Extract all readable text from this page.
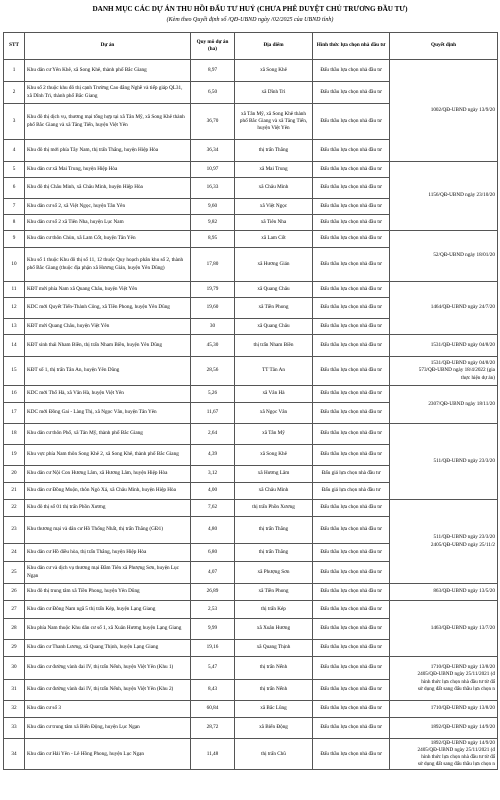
DANH MỤC CÁC DỰ ÁN THU HỒI ĐẤU TƯ HUỶ (CHƯA PHÊ DUYỆT CHỦ TRƯƠNG ĐẦU TƯ)
(Kèm theo Quyết định số /QĐ-UBND ngày /02/2025 của UBND tỉnh)
STT	Dự án	Quy mô dự án (ha)	Địa điểm	Hình thức lựa chọn nhà đầu tư	Quyết định
1	Khu dân cư Yên Khê, xã Song Khê, thành phố Bắc Giang	8,97	xã Song Khê	Đấu thầu lựa chọn nhà đầu tư	1002/QĐ-UBND ngày 13/9/20
2	Khu số 2 thuộc khu đô thị cạnh Trường Cao đẳng Nghề và tiếp giáp QL31, xã Dĩnh Trì, thành phố Bắc Giang	6,50	xã Dĩnh Trì	Đấu thầu lựa chọn nhà đầu tư	
3	Khu đô thị dịch vụ, thương mại tổng hợp tại xã Tân Mỹ, xã Song Khê thành phố Bắc Giang và xã Tăng Tiến, huyện Việt Yên	36,70	xã Tân Mỹ, xã Song Khê thành phố Bắc Giang và xã Tăng Tiến, huyện Việt Yên	Đấu thầu lựa chọn nhà đầu tư	
4	Khu đô thị mới phía Tây Nam, thị trấn Thắng, huyện Hiệp Hòa	36,34	thị trấn Thắng	Đấu thầu lựa chọn nhà đầu tư	
5	Khu dân cư xã Mai Trung, huyện Hiệp Hòa	10,97	xã Mai Trung	Đấu thầu lựa chọn nhà đầu tư	1156/QĐ-UBND ngày 23/10/20
6	Khu đô thị Châu Minh, xã Châu Minh, huyện Hiệp Hòa	16,33	xã Châu Minh	Đấu thầu lựa chọn nhà đầu tư	
7	Khu dân cư số 2, xã Việt Ngọc, huyện Tân Yên	9,60	xã Việt Ngọc	Đấu thầu lựa chọn nhà đầu tư	
8	Khu dân cư số 2 xã Tiên Nha, huyện Lục Nam	9,82	xã Tiên Nha	Đấu thầu lựa chọn nhà đầu tư	
9	Khu dân cư thôn Chùn, xã Lam Cốt, huyện Tân Yên	8,95	xã Lam Cốt	Đấu thầu lựa chọn nhà đầu tư	52/QĐ-UBND ngày 18/01/20
10	Khu số 1 thuộc Khu đô thị số 11, 12 thuộc Quy hoạch phân khu số 2, thành phố Bắc Giang (thuộc địa phận xã Hương Gián, huyện Yên Dũng)	17,80	xã Hương Gián	Đấu thầu lựa chọn nhà đầu tư	
11	KĐT mới phía Nam xã Quang Châu, huyện Việt Yên	19,79	xã Quang Châu	Đấu thầu lựa chọn nhà đầu tư	1464/QĐ-UBND ngày 24/7/20
12	KDC mới Quyết Tiến-Thành Công, xã Tiền Phong, huyện Yên Dũng	19,60	xã Tiền Phong	Đấu thầu lựa chọn nhà đầu tư	
13	KĐT mới Quang Châu, huyện Việt Yên	30	xã Quang Châu	Đấu thầu lựa chọn nhà đầu tư	
14	KĐT sinh thái Nham Biền, thị trấn Nham Biền, huyện Yên Dũng	45,30	thị trấn Nham Biền	Đấu thầu lựa chọn nhà đầu tư	1531/QĐ-UBND ngày 04/8/20
15	KĐT số 1, thị trấn Tân An, huyện Yên Dũng	28,56	TT Tân An	Đấu thầu lựa chọn nhà đầu tư	1531/QĐ-UBND ngày 04/8/20
573/QĐ-UBND ngày 18/4/2022 (gia
thực hiện dự án)
16	KDC mới Thổ Hà, xã Vân Hà, huyện Việt Yên	5,26	xã Vân Hà	Đấu thầu lựa chọn nhà đầu tư	2307/QĐ-UBND ngày 18/11/20
17	KDC mới Đồng Gai - Làng Thị, xã Ngọc Vân, huyện Tân Yên	11,67	xã Ngọc Vân	Đấu thầu lựa chọn nhà đầu tư	
18	Khu dân cư thôn Phố, xã Tân Mỹ, thành phố Bắc Giang	2,64	xã Tân Mỹ	Đấu thầu lựa chọn nhà đầu tư	511/QĐ-UBND ngày 23/3/20
19	Khu vực phía Nam thôn Song Khê 2, xã Song Khê, thành phố Bắc Giang	4,39	xã Song Khê	Đấu thầu lựa chọn nhà đầu tư	
20	Khu dân cư Nội Con Hương Lâm, xã Hương Lâm, huyện Hiệp Hòa	3,12	xã Hương Lâm	Đấu giá lựa chọn nhà đầu tư	
21	Khu dân cư Đồng Muộn, thôn Ngò Xá, xã Châu Minh, huyện Hiệp Hòa	4,00	xã Châu Minh	Đấu giá lựa chọn nhà đầu tư	
22	Khu đô thị số 01 thị trấn Phồn Xương	7,62	thị trấn Phồn Xương	Đấu thầu lựa chọn nhà đầu tư	511/QĐ-UBND ngày 23/3/20
2405/QĐ-UBND ngày 25/11/2
23	Khu thương mại và dân cư Hồ Thống Nhất, thị trấn Thắng (GĐ1)	4,80	thị trấn Thắng	Đấu thầu lựa chọn nhà đầu tư	
24	Khu dân cư Hồ điều hòa, thị trấn Thắng, huyện Hiệp Hòa	6,80	thị trấn Thắng	Đấu thầu lựa chọn nhà đầu tư	
25	Khu dân cư và dịch vụ thương mại Đầm Tiên xã Phượng Sơn, huyện Lục Ngạn	4,07	xã Phượng Sơn	Đấu thầu lựa chọn nhà đầu tư	
26	Khu đô thị trung tâm xã Tiền Phong, huyện Yên Dũng	26,89	xã Tiền Phong	Đấu thầu lựa chọn nhà đầu tư	863/QĐ-UBND ngày 13/5/20
27	Khu dân cư Đông Nam ngã 5 thị trấn Kép, huyện Lạng Giang	2,53	thị trấn Kép	Đấu thầu lựa chọn nhà đầu tư	1463/QĐ-UBND ngày 13/7/20
28	Khu phía Nam thuộc Khu dân cư số 1, xã Xuân Hương huyện Lạng Giang	9,99	xã Xuân Hương	Đấu thầu lựa chọn nhà đầu tư	
29	Khu dân cư Thanh Lương, xã Quang Thịnh, huyện Lạng Giang	19,16	xã Quang Thịnh	Đấu thầu lựa chọn nhà đầu tư	
30	Khu dân cư đường vành đai IV, thị trấn Nếnh, huyện Việt Yên (Khu 1)	5,47	thị trấn Nếnh	Đấu thầu lựa chọn nhà đầu tư	1710/QĐ-UBND ngày 13/8/20
2405/QĐ-UBND ngày 25/11/2021 (đ
hình thức lựa chọn nhà đầu tư từ đấ
sử dụng đất sang đấu thầu lựa chọn n
31	Khu dân cư đường vành đai IV, thị trấn Nếnh, huyện Việt Yên (Khu 2)	8,43	thị trấn Nếnh	Đấu thầu lựa chọn nhà đầu tư	
32	Khu dân cư số 3	60,84	xã Bắc Lũng	Đấu thầu lựa chọn nhà đầu tư	1710/QĐ-UBND ngày 13/8/20
33	Khu dân cư trung tâm xã Biển Động, huyện Lục Ngạn	28,72	xã Biển Động	Đấu thầu lựa chọn nhà đầu tư	1892/QĐ-UBND ngày 14/9/20
34	Khu dân cư Hải Yên - Lê Hồng Phong, huyện Lục Ngạn	11,48	thị trấn Chũ	Đấu thầu lựa chọn nhà đầu tư	1892/QĐ-UBND ngày 14/9/20
2405/QĐ-UBND ngày 25/11/2021 (đ
hình thức lựa chọn nhà đầu tư từ đấ
sử dụng đất sang đấu thầu lựa chọn n
